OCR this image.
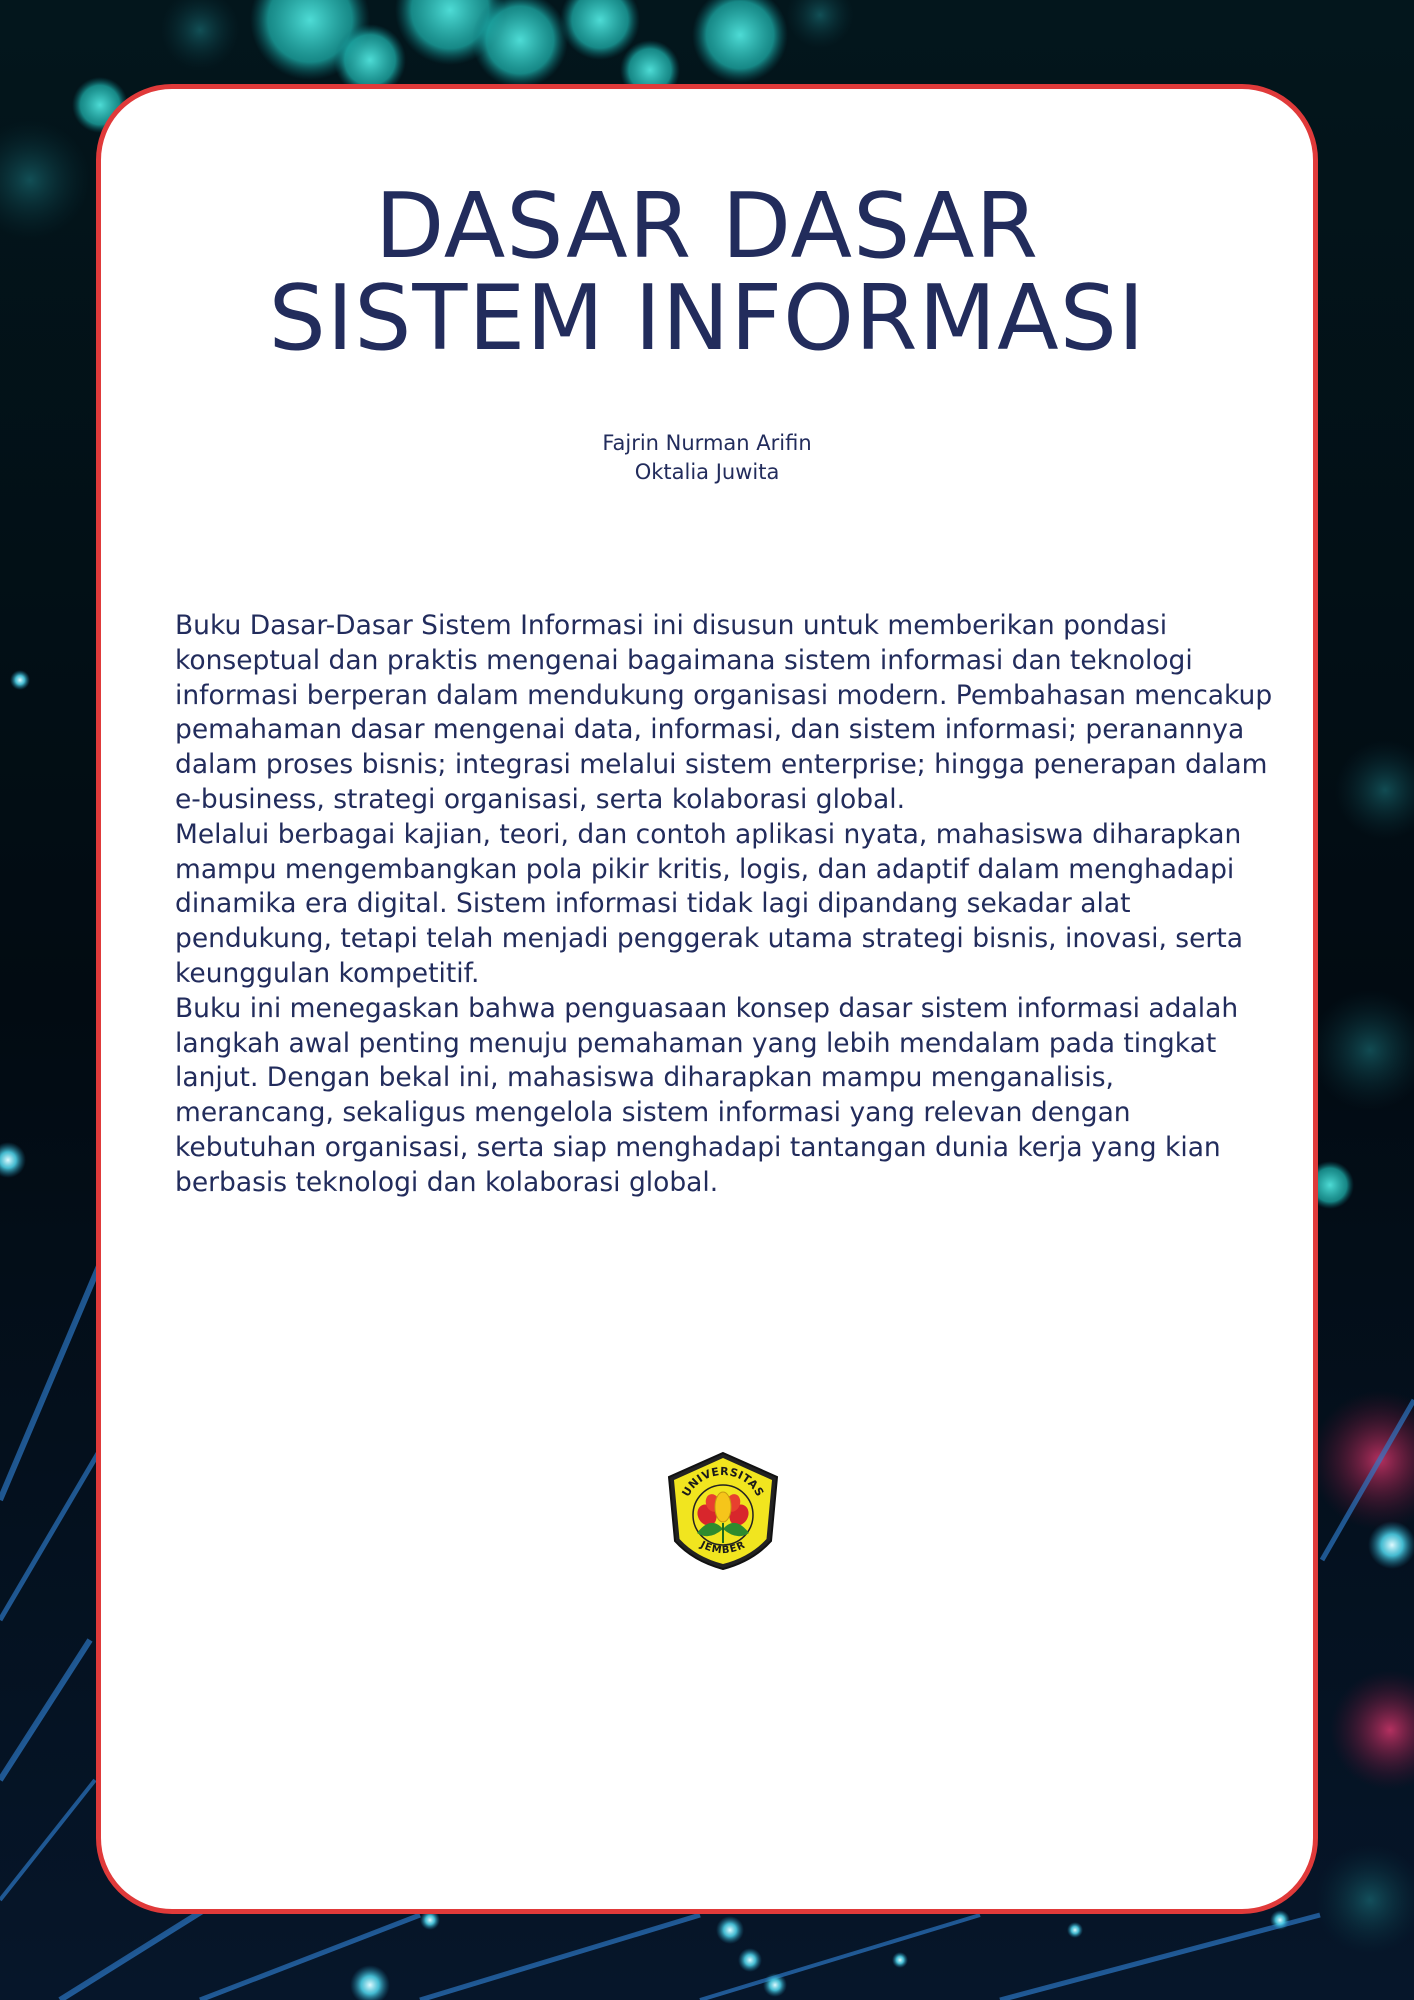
DASAR DASAR
SISTEM INFORMASI
Fajrin Nurman Arifin
Oktalia Juwita

Buku Dasar-Dasar Sistem Informasi ini disusun untuk memberikan pondasi konseptual dan praktis mengenai bagaimana sistem informasi dan teknologi informasi berperan dalam mendukung organisasi modern. Pembahasan mencakup pemahaman dasar mengenai data, informasi, dan sistem informasi; peranannya dalam proses bisnis; integrasi melalui sistem enterprise; hingga penerapan dalam e-business, strategi organisasi, serta kolaborasi global.

Melalui berbagai kajian, teori, dan contoh aplikasi nyata, mahasiswa diharapkan mampu mengembangkan pola pikir kritis, logis, dan adaptif dalam menghadapi dinamika era digital. Sistem informasi tidak lagi dipandang sekadar alat pendukung, tetapi telah menjadi penggerak utama strategi bisnis, inovasi, serta keunggulan kompetitif.

Buku ini menegaskan bahwa penguasaan konsep dasar sistem informasi adalah langkah awal penting menuju pemahaman yang lebih mendalam pada tingkat lanjut. Dengan bekal ini, mahasiswa diharapkan mampu menganalisis, merancang, sekaligus mengelola sistem informasi yang relevan dengan kebutuhan organisasi, serta siap menghadapi tantangan dunia kerja yang kian berbasis teknologi dan kolaborasi global.

UNIVERSITAS
JEMBER
